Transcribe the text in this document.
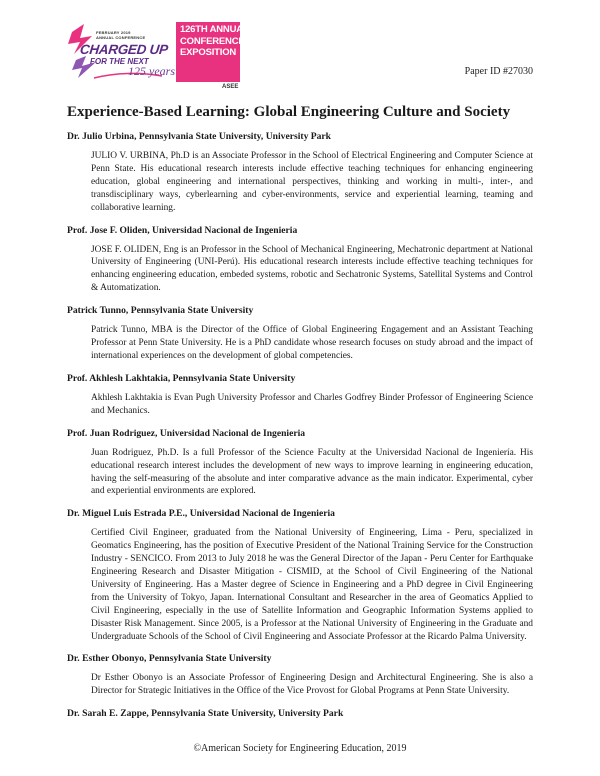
FEBRUARY 2019
ANNUAL CONFERENCE
CHARGED UP
FOR THE NEXT
125 years
126TH ANNUAL
CONFERENCE &
EXPOSITION
ASEE
Paper ID #27030
Experience-Based Learning: Global Engineering Culture and Society
Dr. Julio Urbina, Pennsylvania State University, University Park

JULIO V. URBINA, Ph.D is an Associate Professor in the School of Electrical Engineering and Computer Science at Penn State. His educational research interests include effective teaching techniques for enhancing engineering education, global engineering and international perspectives, thinking and working in multi-, inter-, and transdisciplinary ways, cyberlearning and cyber-environments, service and experiential learning, teaming and collaborative learning.

Prof. Jose F. Oliden, Universidad Nacional de Ingenieria

JOSE F. OLIDEN, Eng is an Professor in the School of Mechanical Engineering, Mechatronic department at National University of Engineering (UNI-Perú). His educational research interests include effective teaching techniques for enhancing engineering education, embeded systems, robotic and Sechatronic Systems, Satellital Systems and Control & Automatization.

Patrick Tunno, Pennsylvania State University

Patrick Tunno, MBA is the Director of the Office of Global Engineering Engagement and an Assistant Teaching Professor at Penn State University. He is a PhD candidate whose research focuses on study abroad and the impact of international experiences on the development of global competencies.

Prof. Akhlesh Lakhtakia, Pennsylvania State University

Akhlesh Lakhtakia is Evan Pugh University Professor and Charles Godfrey Binder Professor of Engineering Science and Mechanics.

Prof. Juan Rodriguez, Universidad Nacional de Ingenieria

Juan Rodriguez, Ph.D. Is a full Professor of the Science Faculty at the Universidad Nacional de Ingeniería. His educational research interest includes the development of new ways to improve learning in engineering education, having the self-measuring of the absolute and inter comparative advance as the main indicator. Experimental, cyber and experiential environments are explored.

Dr. Miguel Luis Estrada P.E., Universidad Nacional de Ingenieria

Certified Civil Engineer, graduated from the National University of Engineering, Lima - Peru, specialized in Geomatics Engineering, has the position of Executive President of the National Training Service for the Construction Industry - SENCICO. From 2013 to July 2018 he was the General Director of the Japan - Peru Center for Earthquake Engineering Research and Disaster Mitigation - CISMID, at the School of Civil Engineering of the National University of Engineering. Has a Master degree of Science in Engineering and a PhD degree in Civil Engineering from the University of Tokyo, Japan. International Consultant and Researcher in the area of Geomatics Applied to Civil Engineering, especially in the use of Satellite Information and Geographic Information Systems applied to Disaster Risk Management. Since 2005, is a Professor at the National University of Engineering in the Graduate and Undergraduate Schools of the School of Civil Engineering and Associate Professor at the Ricardo Palma University.

Dr. Esther Obonyo, Pennsylvania State University

Dr Esther Obonyo is an Associate Professor of Engineering Design and Architectural Engineering. She is also a Director for Strategic Initiatives in the Office of the Vice Provost for Global Programs at Penn State University.

Dr. Sarah E. Zappe, Pennsylvania State University, University Park
©American Society for Engineering Education, 2019
